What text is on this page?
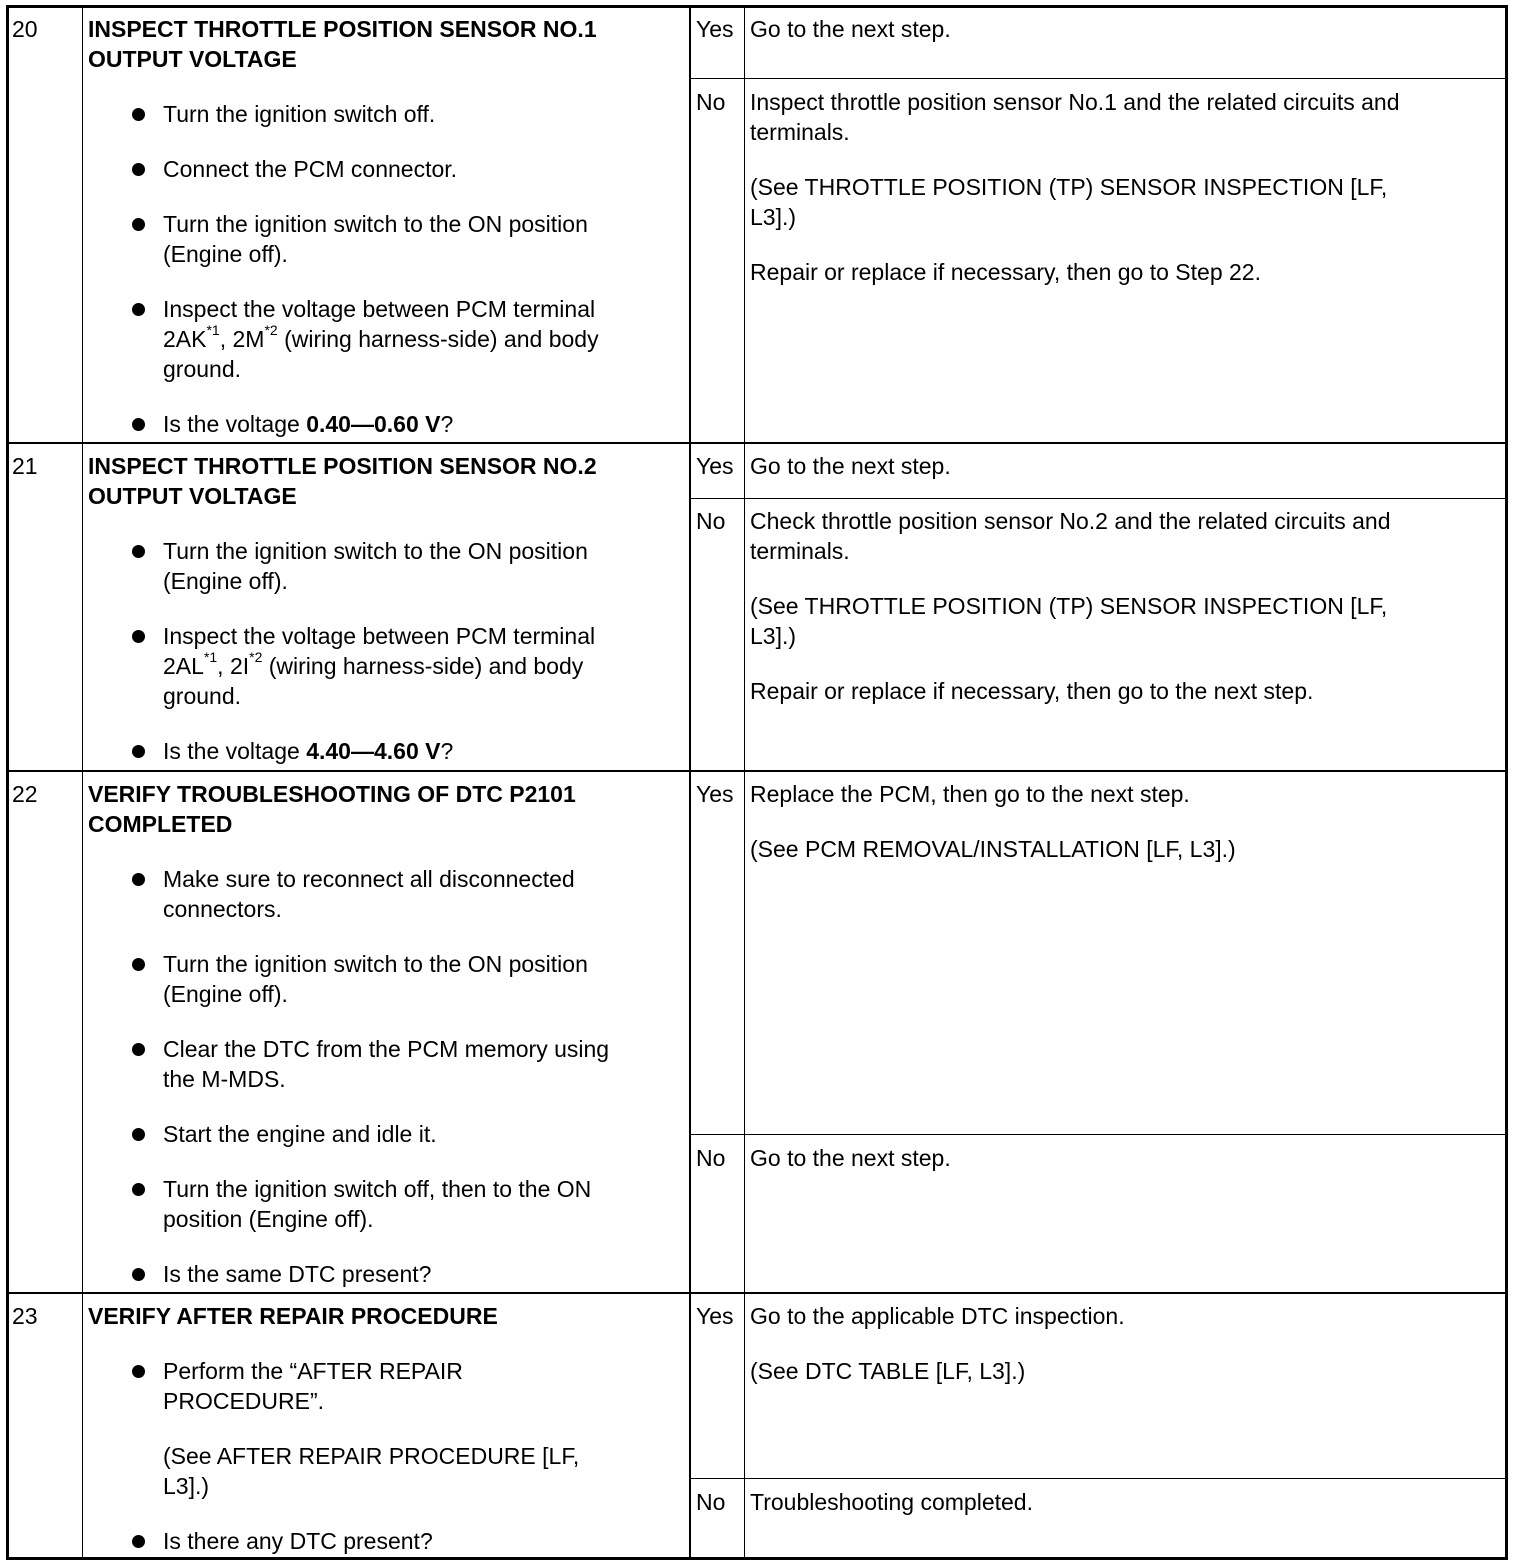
20 INSPECT THROTTLE POSITION SENSOR NO.1
OUTPUT VOLTAGE
Turn the ignition switch off.
Connect the PCM connector.
Turn the ignition switch to the ON position
(Engine off).
Inspect the voltage between PCM terminal
2AK$^{*1}$, $2M^{*2}$ (wiring harness-side) and body
ground.
Is the voltage 0.40—0.60 V?
Yes Go to the next step.
No Inspect throttle position sensor No.1 and the related circuits and
terminals.
(See THROTTLE POSITION (TP) SENSOR INSPECTION [LF,
L3].)
Repair or replace if necessary, then go to Step 22.
21 INSPECT THROTTLE POSITION SENSOR NO.2
OUTPUT VOLTAGE
Turn the ignition switch to the ON position
(Engine off).
Inspect the voltage between PCM terminal
2AL$^{*1}$, $2I^{*2}$ (wiring harness-side) and body
ground.
Is the voltage 4.40—4.60 V?
Yes Go to the next step.
No Check throttle position sensor No.2 and the related circuits and
terminals.
(See THROTTLE POSITION (TP) SENSOR INSPECTION [LF,
L3].)
Repair or replace if necessary, then go to the next step.
22 VERIFY TROUBLESHOOTING OF DTC P2101
COMPLETED
Make sure to reconnect all disconnected
connectors.
Turn the ignition switch to the ON position
(Engine off).
Clear the DTC from the PCM memory using
the M-MDS.
Start the engine and idle it.
Turn the ignition switch off, then to the ON
position (Engine off).
Is the same DTC present?
Yes Replace the PCM, then go to the next step.
(See PCM REMOVAL/INSTALLATION [LF, L3].)
No Go to the next step.
23 VERIFY AFTER REPAIR PROCEDURE
Perform the “AFTER REPAIR
PROCEDURE”.
(See AFTER REPAIR PROCEDURE [LF,
L3].)
Is there any DTC present?
Yes Go to the applicable DTC inspection.
(See DTC TABLE [LF, L3].)
No Troubleshooting completed.
